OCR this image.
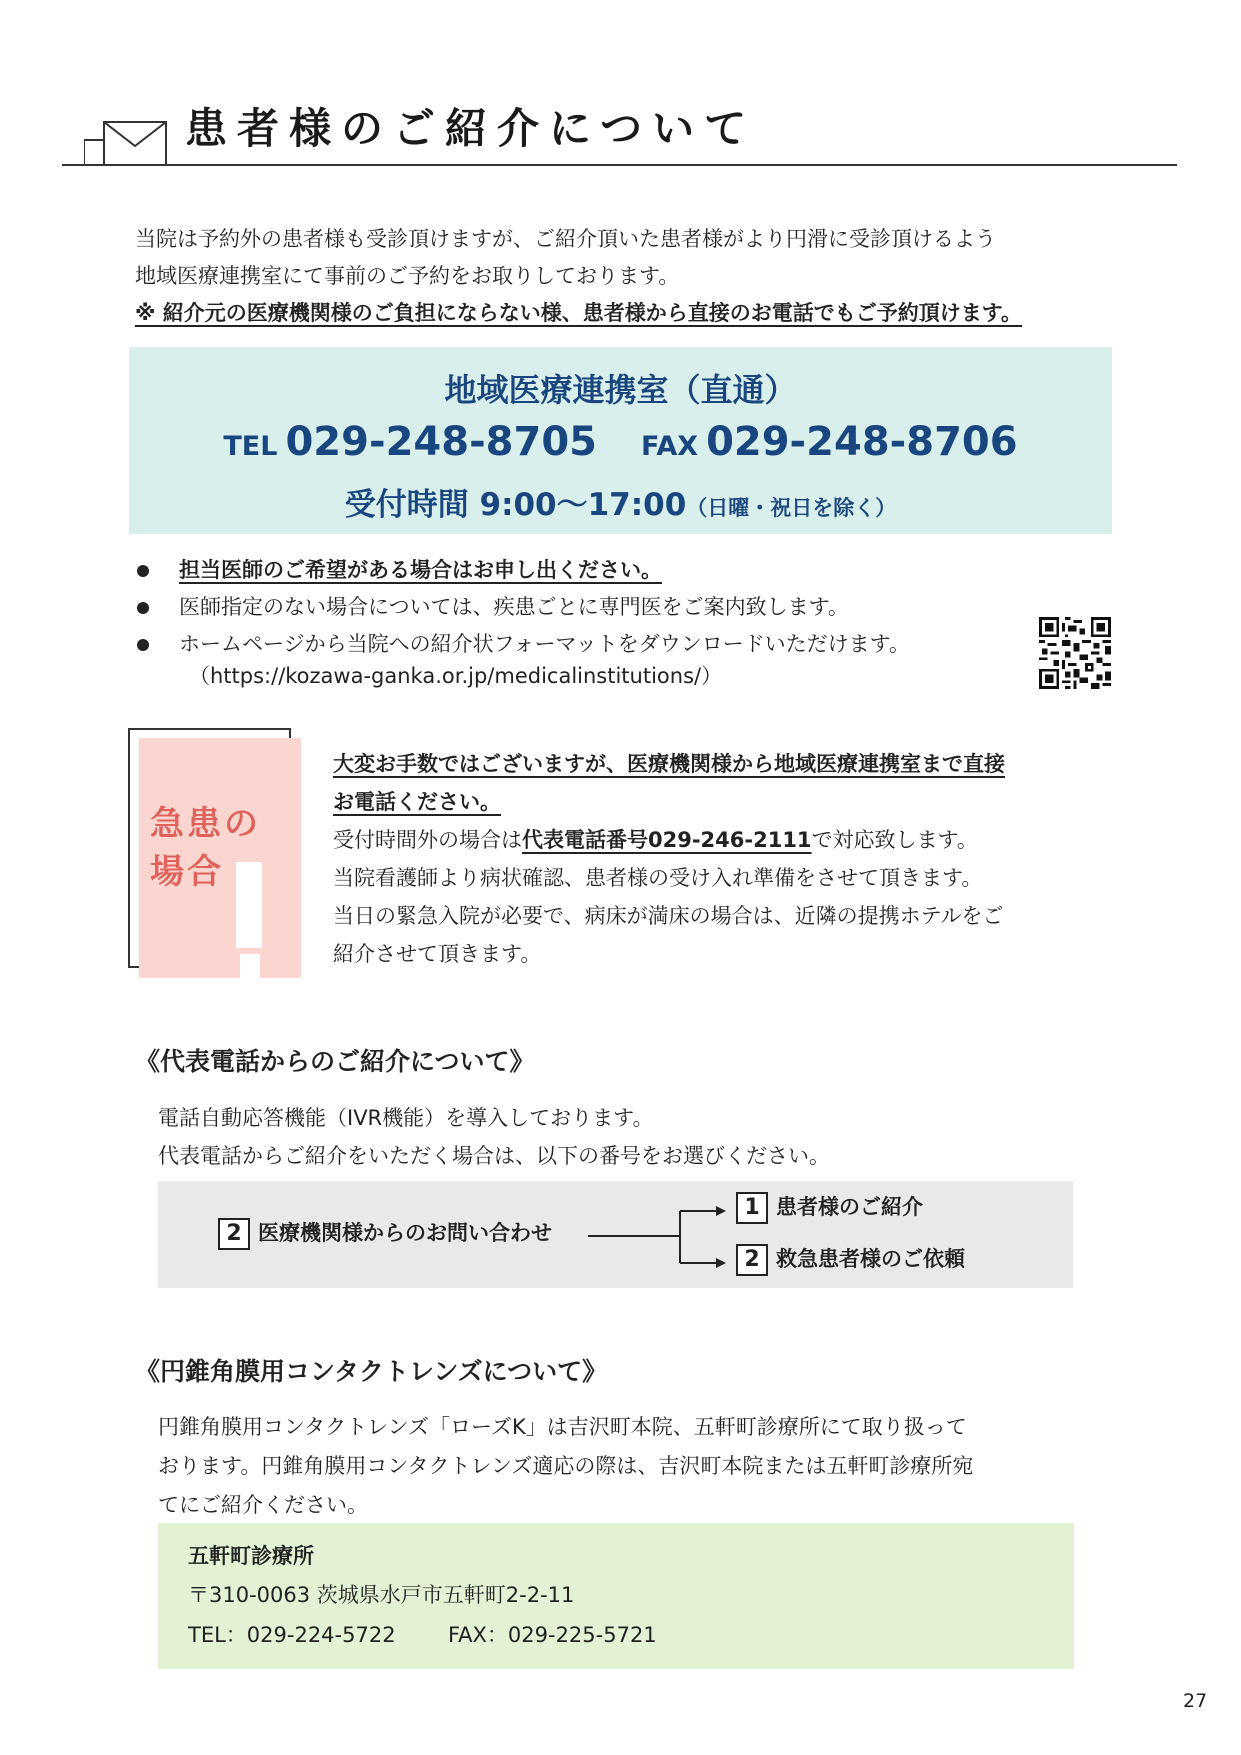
患者様のご紹介について

当院は予約外の患者様も受診頂けますが、ご紹介頂いた患者様がより円滑に受診頂けるよう

地域医療連携室にて事前のご予約をお取りしております。

※ 紹介元の医療機関様のご負担にならない様、患者様から直接のお電話でもご予約頂けます。

地域医療連携室（直通）
TEL 029-248-8705 FAX 029-248-8706
受付時間 9:00～17:00（日曜・祝日を除く）
担当医師のご希望がある場合はお申し出ください。
医師指定のない場合については、疾患ごとに専門医をご案内致します。
ホームページから当院への紹介状フォーマットをダウンロードいただけます。
（https://kozawa-ganka.or.jp/medicalinstitutions/）
急患の
場合

大変お手数ではございますが、医療機関様から地域医療連携室まで直接

お電話ください。

受付時間外の場合は代表電話番号029-246-2111で対応致します。

当院看護師より病状確認、患者様の受け入れ準備をさせて頂きます。

当日の緊急入院が必要で、病床が満床の場合は、近隣の提携ホテルをご

紹介させて頂きます。

《代表電話からのご紹介について》

電話自動応答機能（IVR機能）を導入しております。

代表電話からご紹介をいただく場合は、以下の番号をお選びください。

2 医療機関様からのお問い合わせ
1 患者様のご紹介
2 救急患者様のご依頼
《円錐角膜用コンタクトレンズについて》

円錐角膜用コンタクトレンズ「ローズK」は吉沢町本院、五軒町診療所にて取り扱って

おります。円錐角膜用コンタクトレンズ適応の際は、吉沢町本院または五軒町診療所宛

てにご紹介ください。

五軒町診療所
〒310-0063 茨城県水戸市五軒町2-2-11
TEL：029-224-5722 FAX：029-225-5721
27
